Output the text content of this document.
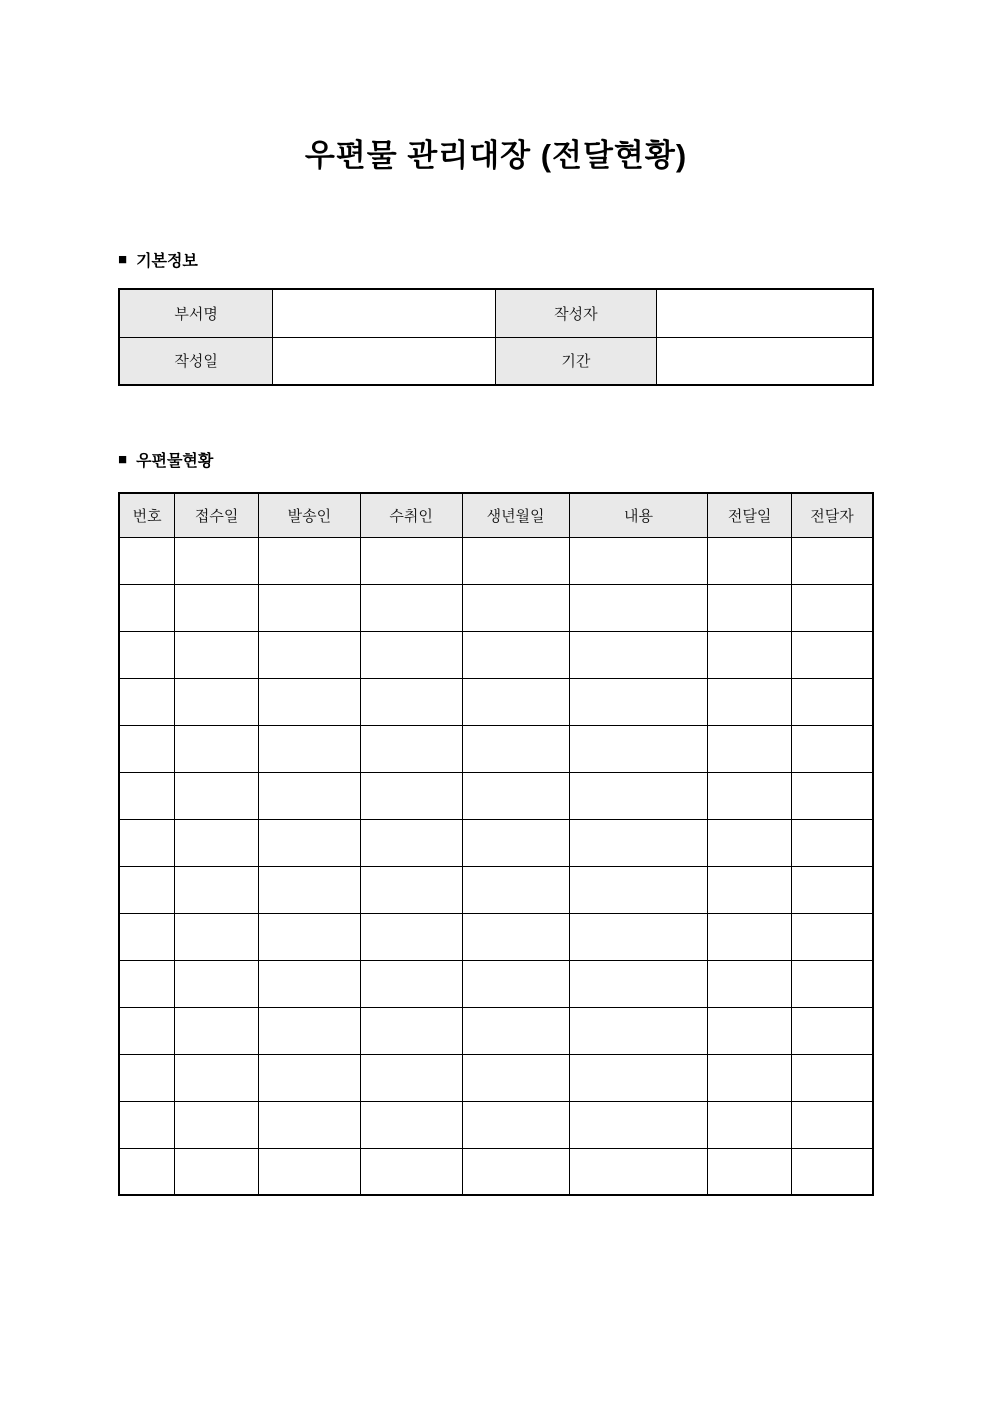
우편물 관리대장 (전달현황)
■ 기본정보
부서명		작성자	
작성일		기간	
■ 우편물현황
번호	접수일	발송인	수취인	생년월일	내용	전달일	전달자
